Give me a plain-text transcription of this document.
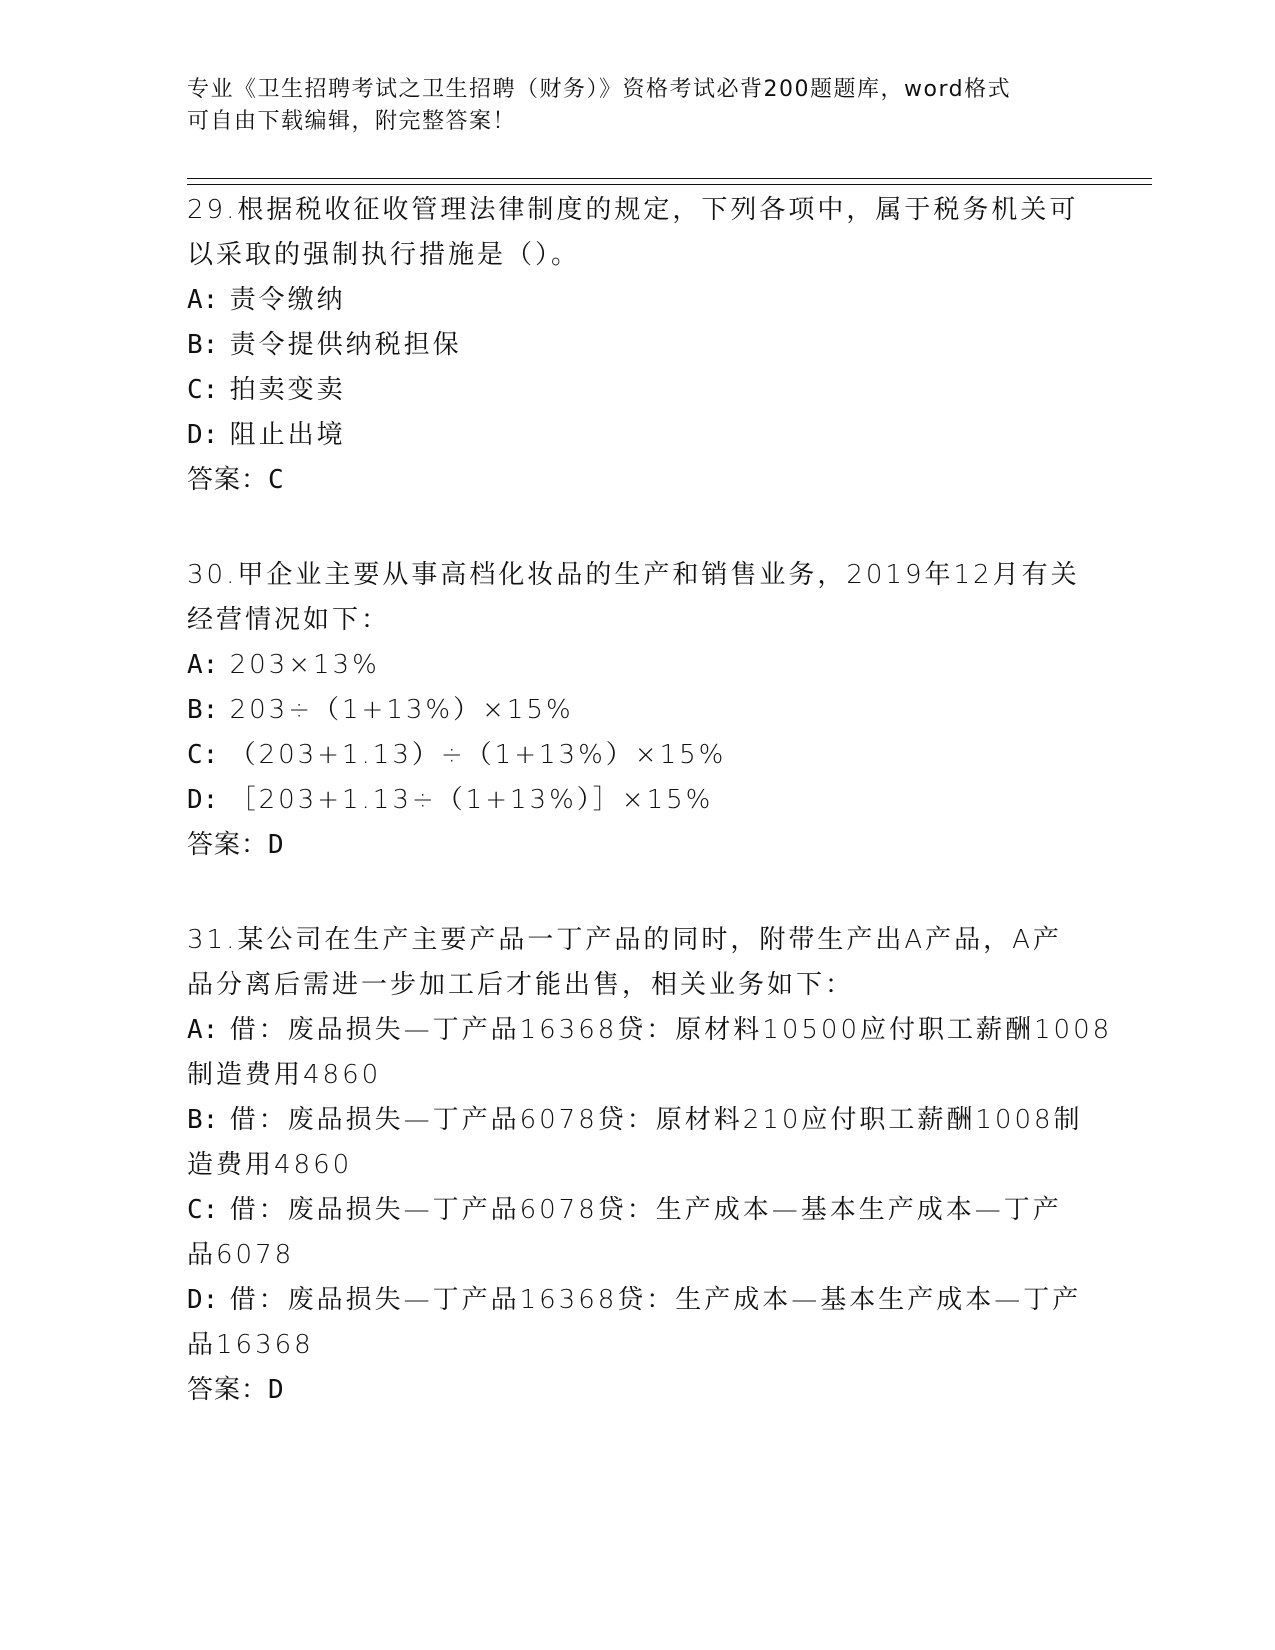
专业《卫生招聘考试之卫生招聘（财务）》资格考试必背200题题库，word格式
可自由下载编辑，附完整答案！
29.根据税收征收管理法律制度的规定，下列各项中，属于税务机关可
以采取的强制执行措施是（）。
A: 责令缴纳
B: 责令提供纳税担保
C: 拍卖变卖
D: 阻止出境
答案：C
30.甲企业主要从事高档化妆品的生产和销售业务，2019年12月有关
经营情况如下：
A: 203×13%
B: 203÷（1+13%）×15%
C: （203+1.13）÷（1+13%）×15%
D: ［203+1.13÷（1+13%）］×15%
答案：D
31.某公司在生产主要产品一丁产品的同时，附带生产出A产品，A产
品分离后需进一步加工后才能出售，相关业务如下：
A: 借：废品损失—丁产品16368贷：原材料10500应付职工薪酬1008
制造费用4860
B: 借：废品损失—丁产品6078贷：原材料210应付职工薪酬1008制
造费用4860
C: 借：废品损失—丁产品6078贷：生产成本—基本生产成本—丁产
品6078
D: 借：废品损失—丁产品16368贷：生产成本—基本生产成本—丁产
品16368
答案：D
